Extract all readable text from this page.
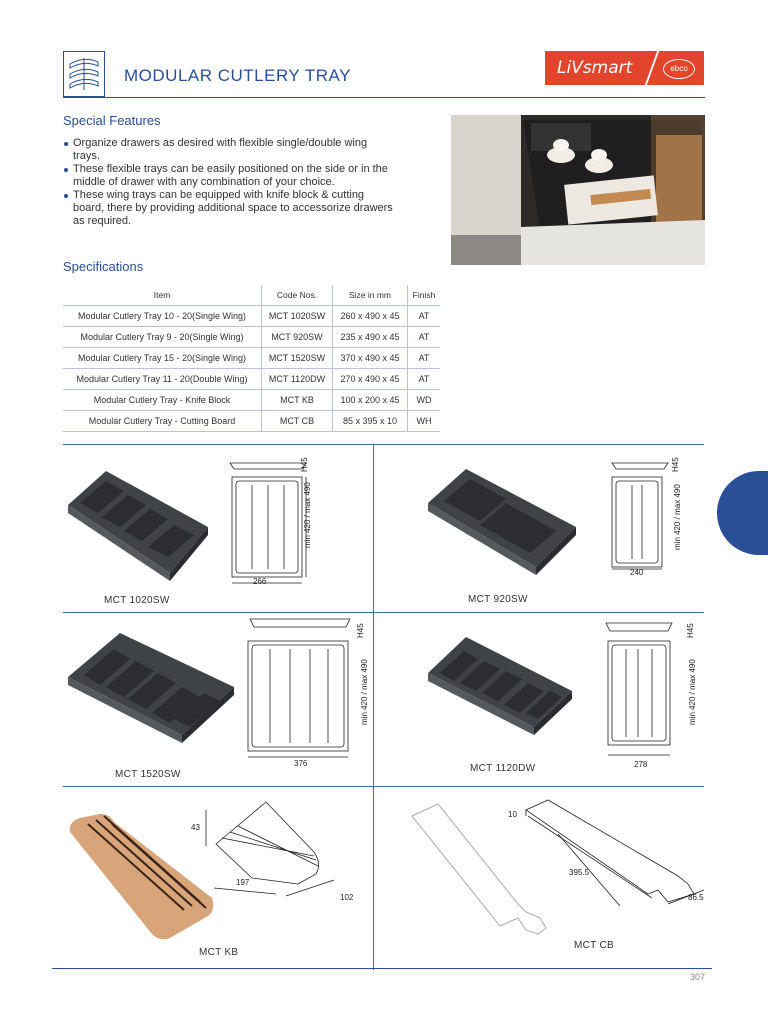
MODULAR CUTLERY TRAY	LiVsmart	ebco
Special Features
Organize drawers as desired with flexible single/double wing trays.
These flexible trays can be easily positioned on the side or in the middle of drawer with any combination of your choice.
These wing trays can be equipped with knife block & cutting board, there by providing additional space to accessorize drawers as required.
Specifications
Item	Code Nos.	Size in mm	Finish
Modular Cutlery Tray 10 - 20(Single Wing)	MCT 1020SW	260 x 490 x 45	AT
Modular Cutlery Tray 9 - 20(Single Wing)	MCT 920SW	235 x 490 x 45	AT
Modular Cutlery Tray 15 - 20(Single Wing)	MCT 1520SW	370 x 490 x 45	AT
Modular Cutlery Tray 11 - 20(Double Wing)	MCT 1120DW	270 x 490 x 45	AT
Modular Cutlery Tray - Knife Block	MCT KB	100 x 200 x 45	WD
Modular Cutlery Tray - Cutting Board	MCT CB	85 x 395 x 10	WH
266
H45
min 420 / max 490
MCT 1020SW
240
H45
min 420 / max 490
MCT 920SW
376
H45
min 420 / max 490
MCT 1520SW
278
H45
min 420 / max 490
MCT 1120DW
43
197
102
MCT KB
10
395.5
86.5
MCT CB
307
